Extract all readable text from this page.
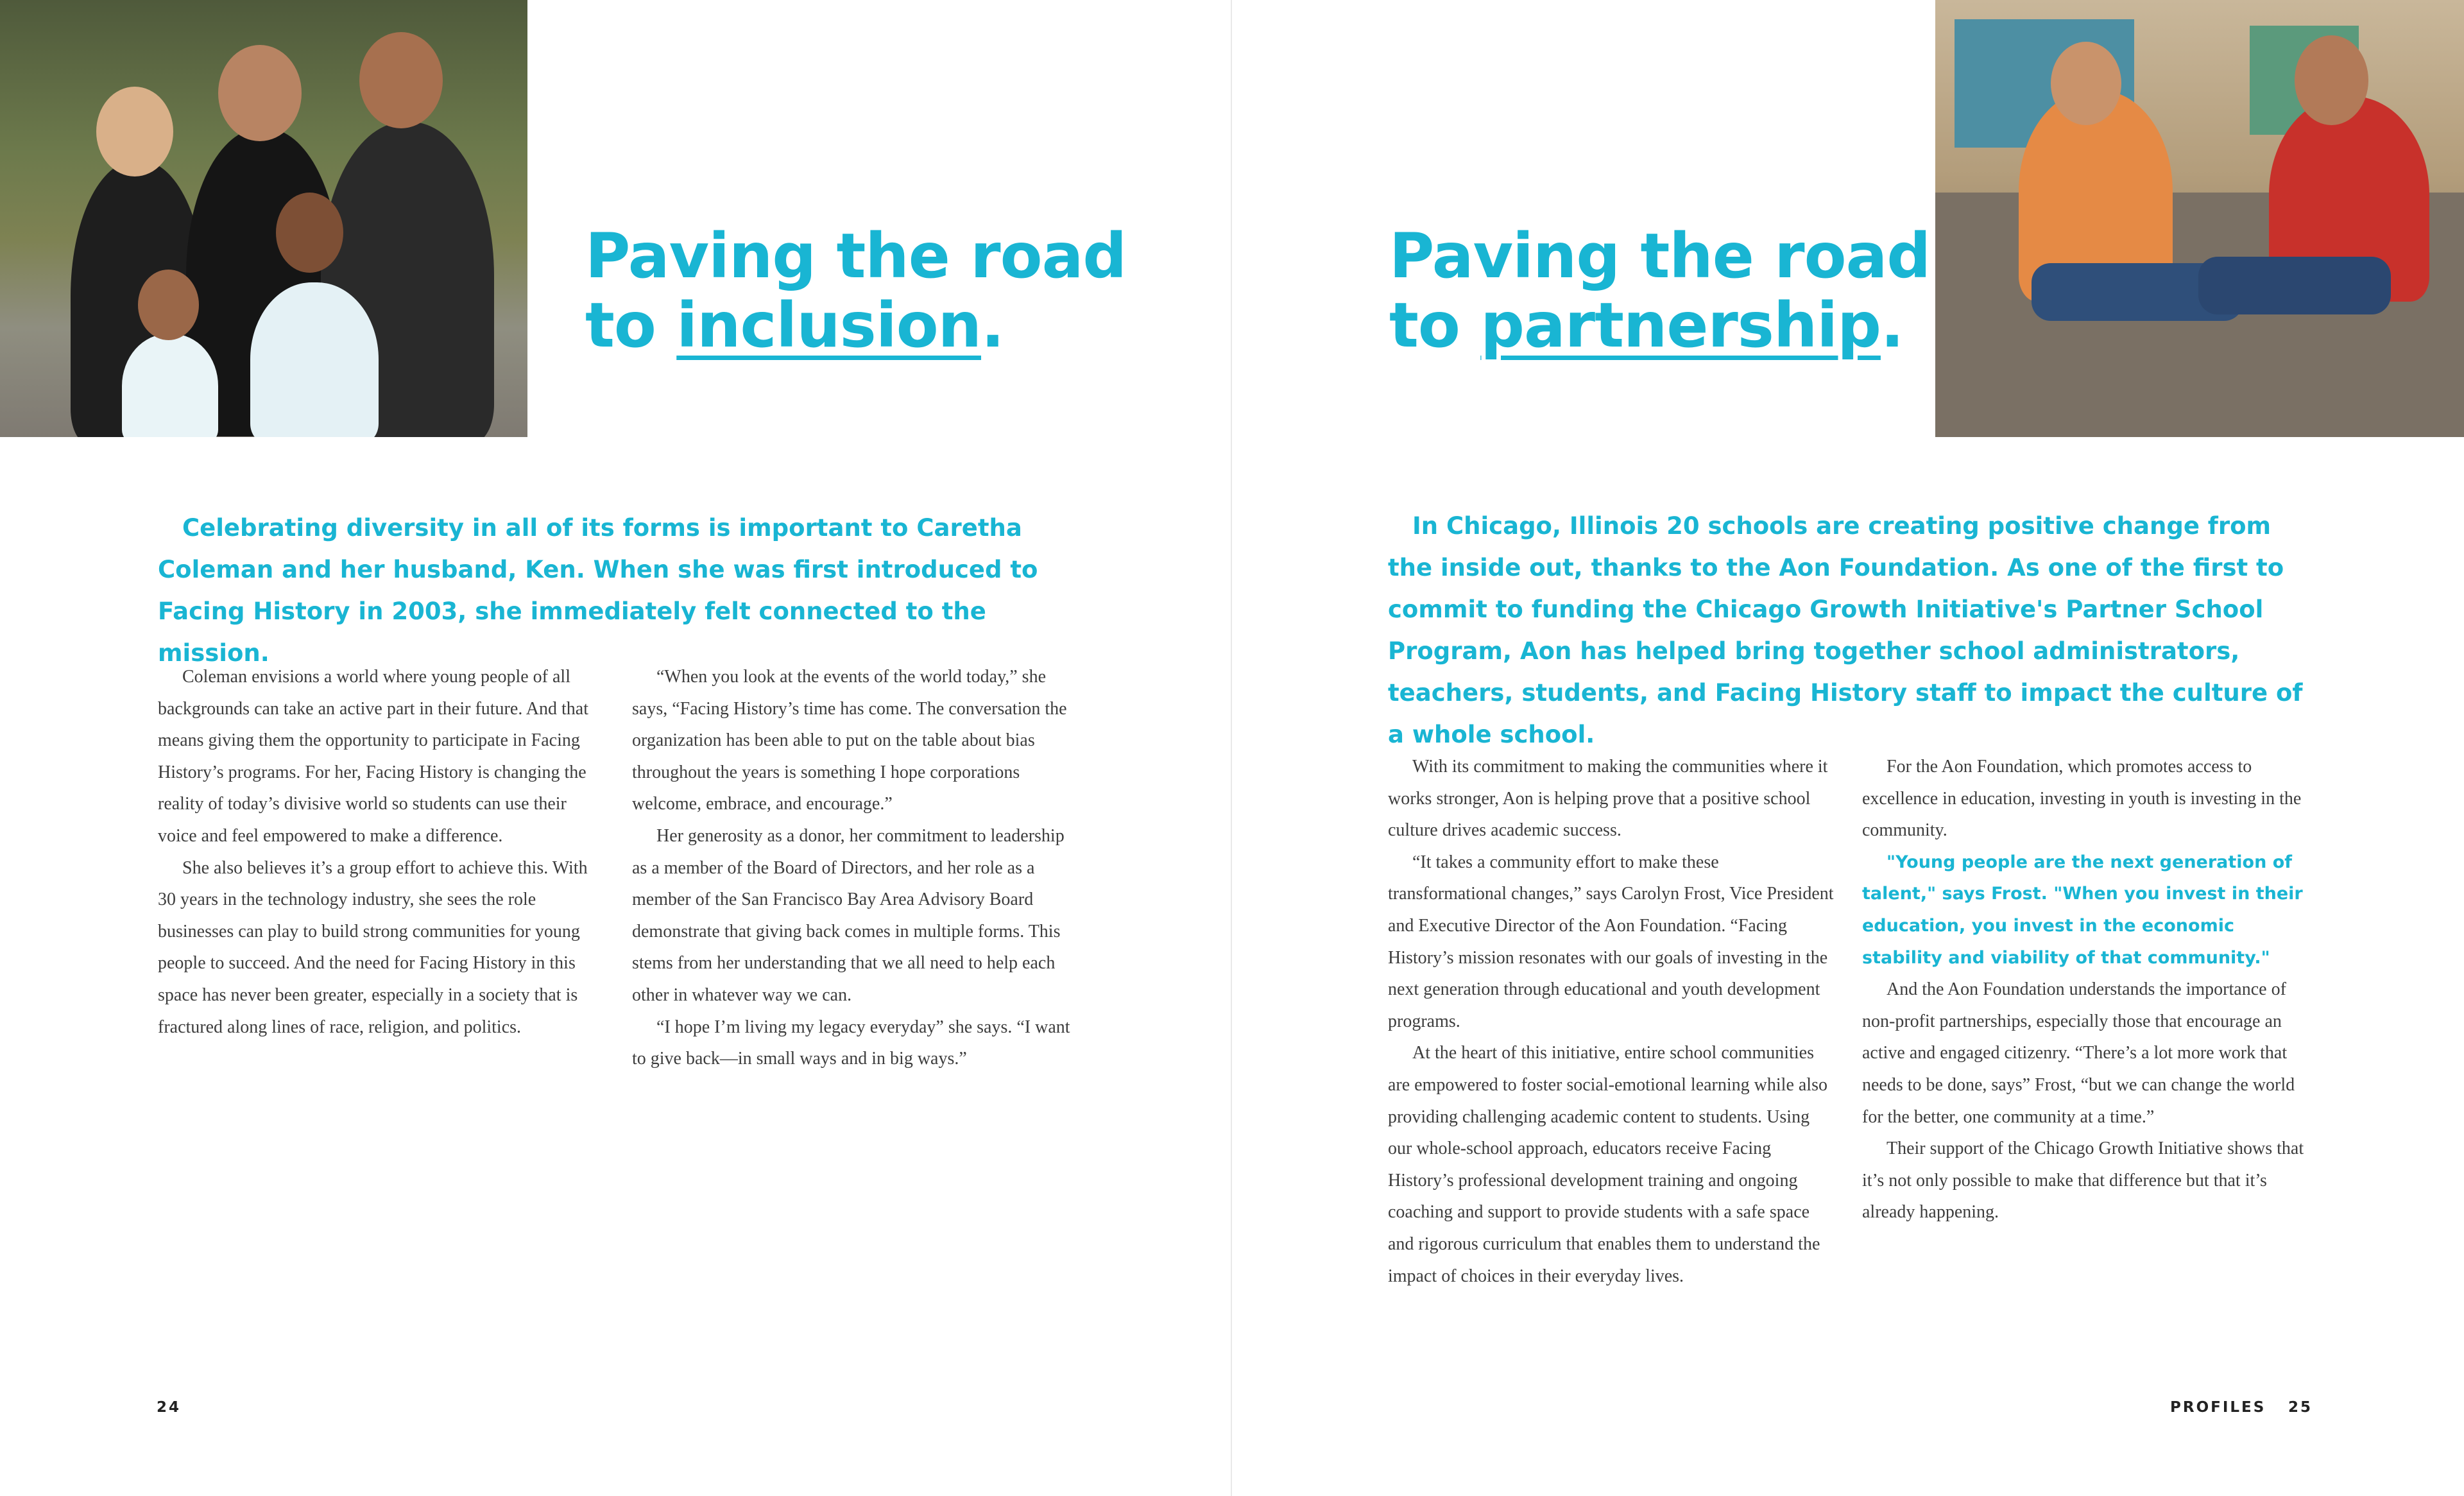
Paving the road
to inclusion.

Celebrating diversity in all of its forms is important to Caretha Coleman and her husband, Ken. When she was first introduced to Facing History in 2003, she immediately felt connected to the mission.

Coleman envisions a world where young people of all backgrounds can take an active part in their future. And that means giving them the opportunity to participate in Facing History’s programs. For her, Facing History is changing the reality of today’s divisive world so students can use their voice and feel empowered to make a difference.

She also believes it’s a group effort to achieve this. With 30 years in the technology industry, she sees the role businesses can play to build strong communities for young people to succeed. And the need for Facing History in this space has never been greater, especially in a society that is fractured along lines of race, religion, and politics.

“When you look at the events of the world today,” she says, “Facing History’s time has come. The conversation the organization has been able to put on the table about bias throughout the years is something I hope corporations welcome, embrace, and encourage.”

Her generosity as a donor, her commitment to leadership as a member of the Board of Directors, and her role as a member of the San Francisco Bay Area Advisory Board demonstrate that giving back comes in multiple forms. This stems from her understanding that we all need to help each other in whatever way we can.

“I hope I’m living my legacy everyday” she says. “I want to give back—in small ways and in big ways.”

24
Paving the road
to partnership.

In Chicago, Illinois 20 schools are creating positive change from the inside out, thanks to the Aon Foundation. As one of the first to commit to funding the Chicago Growth Initiative's Partner School Program, Aon has helped bring together school administrators, teachers, students, and Facing History staff to impact the culture of a whole school.

With its commitment to making the communities where it works stronger, Aon is helping prove that a positive school culture drives academic success.

“It takes a community effort to make these transformational changes,” says Carolyn Frost, Vice President and Executive Director of the Aon Foundation. “Facing History’s mission resonates with our goals of investing in the next generation through educational and youth development programs.

At the heart of this initiative, entire school communities are empowered to foster social-emotional learning while also providing challenging academic content to students. Using our whole-school approach, educators receive Facing History’s professional development training and ongoing coaching and support to provide students with a safe space and rigorous curriculum that enables them to understand the impact of choices in their everyday lives.

For the Aon Foundation, which promotes access to excellence in education, investing in youth is investing in the community.

"Young people are the next generation of talent," says Frost. "When you invest in their education, you invest in the economic stability and viability of that community."

And the Aon Foundation understands the importance of non-profit partnerships, especially those that encourage an active and engaged citizenry. “There’s a lot more work that needs to be done, says” Frost, “but we can change the world for the better, one community at a time.”

Their support of the Chicago Growth Initiative shows that it’s not only possible to make that difference but that it’s already happening.

PROFILES 25
